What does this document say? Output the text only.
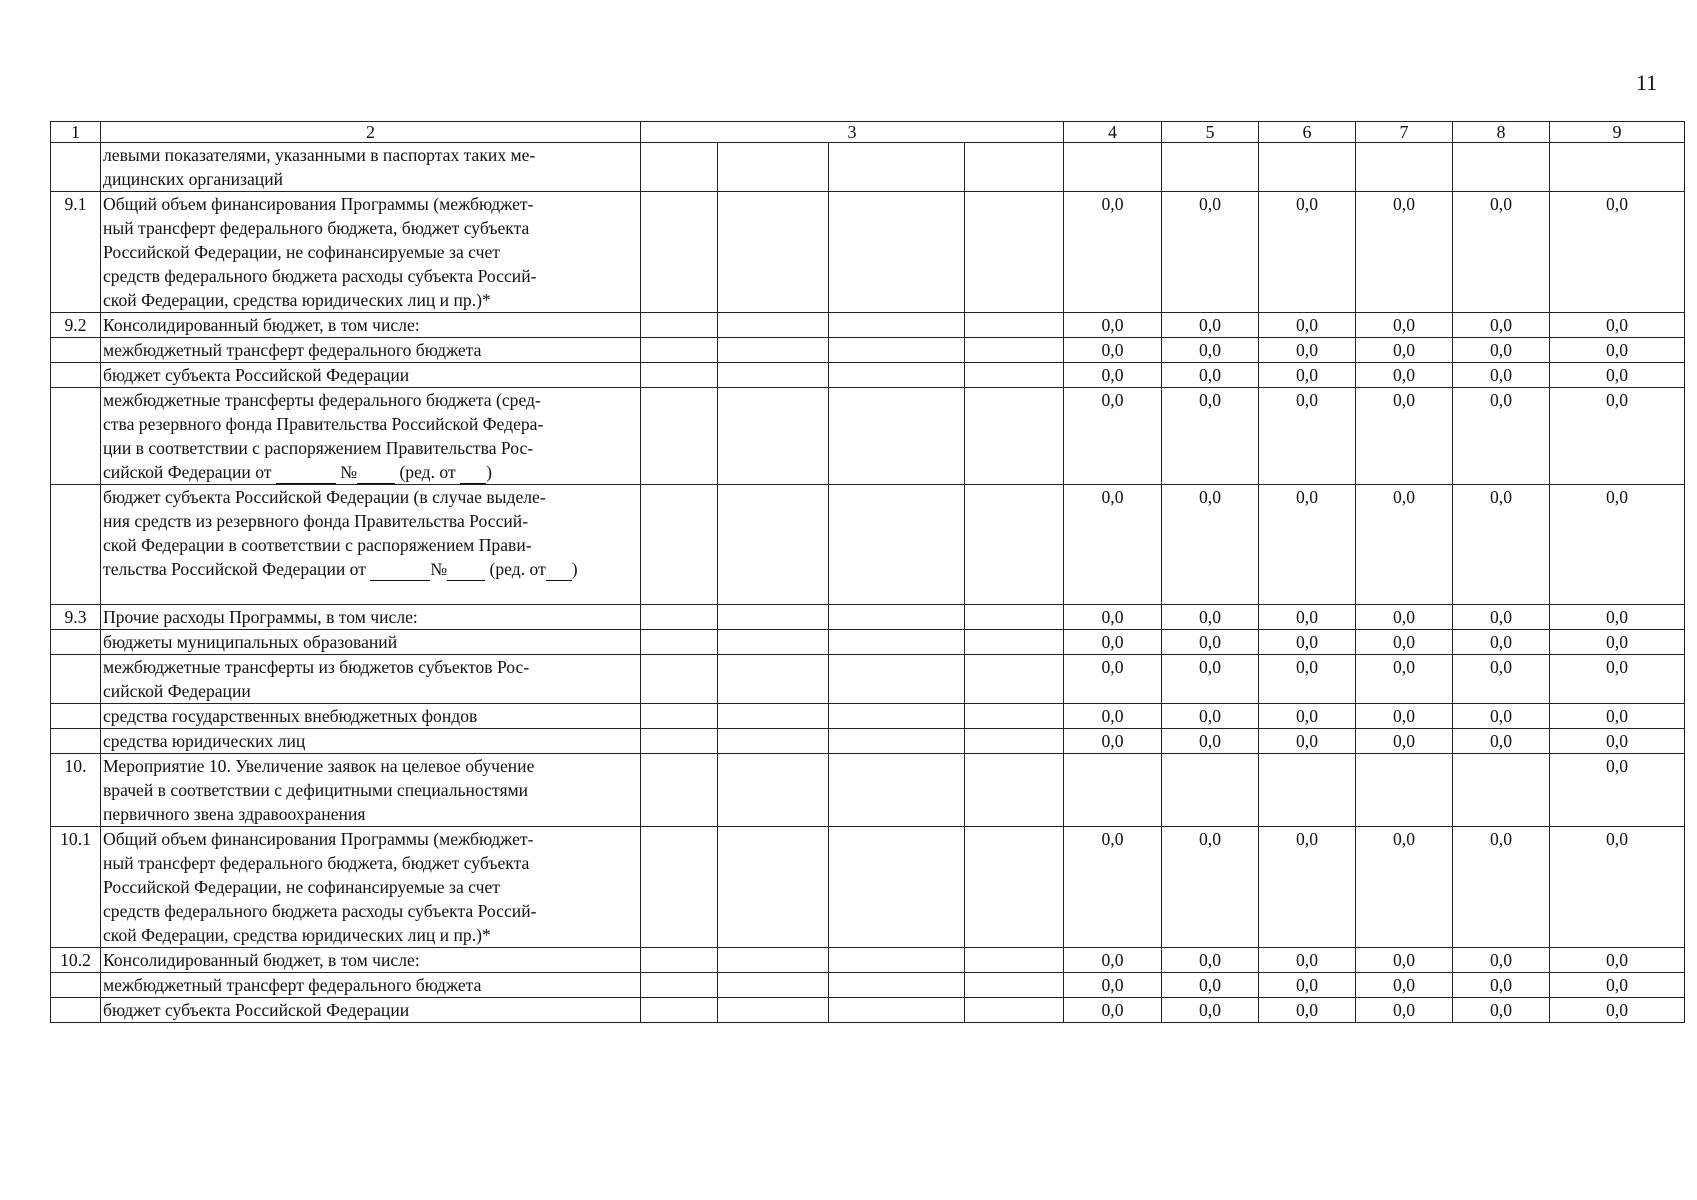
11
1	2	3				4	5	6	7	8	9
	левыми показателями, указанными в паспортах таких ме-
дицинских организаций										
9.1	Общий объем финансирования Программы (межбюджет-
ный трансферт федерального бюджета, бюджет субъекта
Российской Федерации, не софинансируемые за счет
средств федерального бюджета расходы субъекта Россий-
ской Федерации, средства юридических лиц и пр.)*					0,0	0,0	0,0	0,0	0,0	0,0
9.2	Консолидированный бюджет, в том числе:					0,0	0,0	0,0	0,0	0,0	0,0
	межбюджетный трансферт федерального бюджета					0,0	0,0	0,0	0,0	0,0	0,0
	бюджет субъекта Российской Федерации					0,0	0,0	0,0	0,0	0,0	0,0
	межбюджетные трансферты федерального бюджета (сред-
ства резервного фонда Правительства Российской Федера-
ции в соответствии с распоряжением Правительства Рос-
сийской Федерации от № (ред. от )					0,0	0,0	0,0	0,0	0,0	0,0
	бюджет субъекта Российской Федерации (в случае выделе-
ния средств из резервного фонда Правительства Россий-
ской Федерации в соответствии с распоряжением Прави-
тельства Российской Федерации от № (ред. от )					0,0	0,0	0,0	0,0	0,0	0,0
9.3	Прочие расходы Программы, в том числе:					0,0	0,0	0,0	0,0	0,0	0,0
	бюджеты муниципальных образований					0,0	0,0	0,0	0,0	0,0	0,0
	межбюджетные трансферты из бюджетов субъектов Рос-
сийской Федерации					0,0	0,0	0,0	0,0	0,0	0,0
	средства государственных внебюджетных фондов					0,0	0,0	0,0	0,0	0,0	0,0
	средства юридических лиц					0,0	0,0	0,0	0,0	0,0	0,0
10.	Мероприятие 10. Увеличение заявок на целевое обучение
врачей в соответствии с дефицитными специальностями
первичного звена здравоохранения										0,0
10.1	Общий объем финансирования Программы (межбюджет-
ный трансферт федерального бюджета, бюджет субъекта
Российской Федерации, не софинансируемые за счет
средств федерального бюджета расходы субъекта Россий-
ской Федерации, средства юридических лиц и пр.)*					0,0	0,0	0,0	0,0	0,0	0,0
10.2	Консолидированный бюджет, в том числе:					0,0	0,0	0,0	0,0	0,0	0,0
	межбюджетный трансферт федерального бюджета					0,0	0,0	0,0	0,0	0,0	0,0
	бюджет субъекта Российской Федерации					0,0	0,0	0,0	0,0	0,0	0,0
